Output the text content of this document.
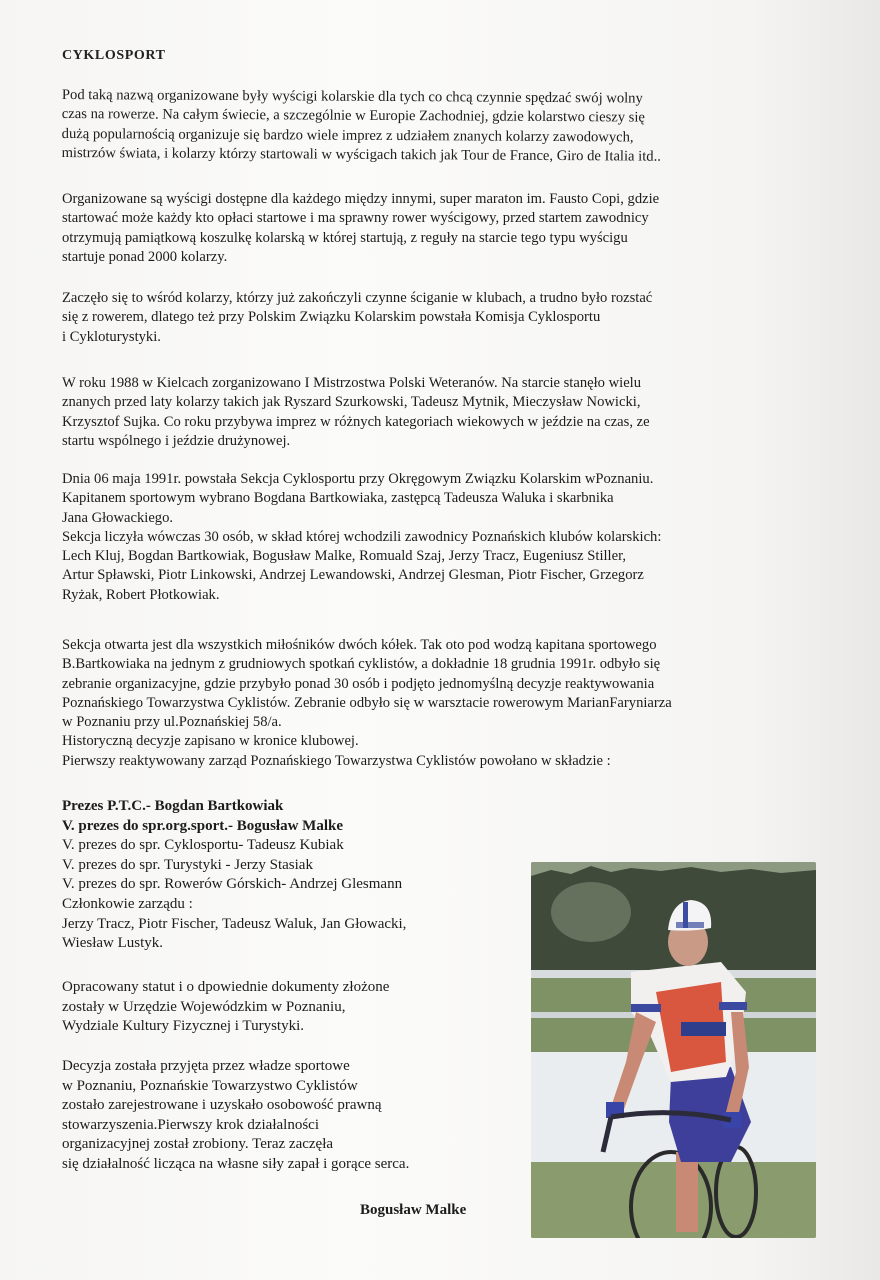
CYKLOSPORT

Pod taką nazwą organizowane były wyścigi kolarskie dla tych co chcą czynnie spędzać swój wolny
czas na rowerze. Na całym świecie, a szczególnie w Europie Zachodniej, gdzie kolarstwo cieszy się
dużą popularnością organizuje się bardzo wiele imprez z udziałem znanych kolarzy zawodowych,
mistrzów świata, i kolarzy którzy startowali w wyścigach takich jak Tour de France, Giro de Italia itd..

Organizowane są wyścigi dostępne dla każdego między innymi, super maraton im. Fausto Copi, gdzie
startować może każdy kto opłaci startowe i ma sprawny rower wyścigowy, przed startem zawodnicy
otrzymują pamiątkową koszulkę kolarską w której startują, z reguły na starcie tego typu wyścigu
startuje ponad 2000 kolarzy.

Zaczęło się to wśród kolarzy, którzy już zakończyli czynne ściganie w klubach, a trudno było rozstać
się z rowerem, dlatego też przy Polskim Związku Kolarskim powstała Komisja Cyklosportu
i Cykloturystyki.

W roku 1988 w Kielcach zorganizowano I Mistrzostwa Polski Weteranów. Na starcie stanęło wielu
znanych przed laty kolarzy takich jak Ryszard Szurkowski, Tadeusz Mytnik, Mieczysław Nowicki,
Krzysztof Sujka. Co roku przybywa imprez w różnych kategoriach wiekowych w jeździe na czas, ze
startu wspólnego i jeździe drużynowej.

Dnia 06 maja 1991r. powstała Sekcja Cyklosportu przy Okręgowym Związku Kolarskim wPoznaniu.
Kapitanem sportowym wybrano Bogdana Bartkowiaka, zastępcą Tadeusza Waluka i skarbnika
Jana Głowackiego.
Sekcja liczyła wówczas 30 osób, w skład której wchodzili zawodnicy Poznańskich klubów kolarskich:
Lech Kluj, Bogdan Bartkowiak, Bogusław Malke, Romuald Szaj, Jerzy Tracz, Eugeniusz Stiller,
Artur Spławski, Piotr Linkowski, Andrzej Lewandowski, Andrzej Glesman, Piotr Fischer, Grzegorz
Ryżak, Robert Płotkowiak.

Sekcja otwarta jest dla wszystkich miłośników dwóch kółek. Tak oto pod wodzą kapitana sportowego
B.Bartkowiaka na jednym z grudniowych spotkań cyklistów, a dokładnie 18 grudnia 1991r. odbyło się
zebranie organizacyjne, gdzie przybyło ponad 30 osób i podjęto jednomyślną decyzje reaktywowania
Poznańskiego Towarzystwa Cyklistów. Zebranie odbyło się w warsztacie rowerowym MarianFaryniarza
w Poznaniu przy ul.Poznańskiej 58/a.
Historyczną decyzje zapisano w kronice klubowej.
Pierwszy reaktywowany zarząd Poznańskiego Towarzystwa Cyklistów powołano w składzie :

Prezes P.T.C.- Bogdan Bartkowiak
V. prezes do spr.org.sport.- Bogusław Malke
V. prezes do spr. Cyklosportu- Tadeusz Kubiak
V. prezes do spr. Turystyki - Jerzy Stasiak
V. prezes do spr. Rowerów Górskich- Andrzej Glesmann
Członkowie zarządu :
Jerzy Tracz, Piotr Fischer, Tadeusz Waluk, Jan Głowacki,
Wiesław Lustyk.
Opracowany statut i o dpowiednie dokumenty złożone
zostały w Urzędzie Wojewódzkim w Poznaniu,
Wydziale Kultury Fizycznej i Turystyki.
Decyzja została przyjęta przez władze sportowe
w Poznaniu, Poznańskie Towarzystwo Cyklistów
zostało zarejestrowane i uzyskało osobowość prawną
stowarzyszenia.Pierwszy krok działalności
organizacyjnej został zrobiony. Teraz zaczęła
się działalność licząca na własne siły zapał i gorące serca.
Bogusław Malke
